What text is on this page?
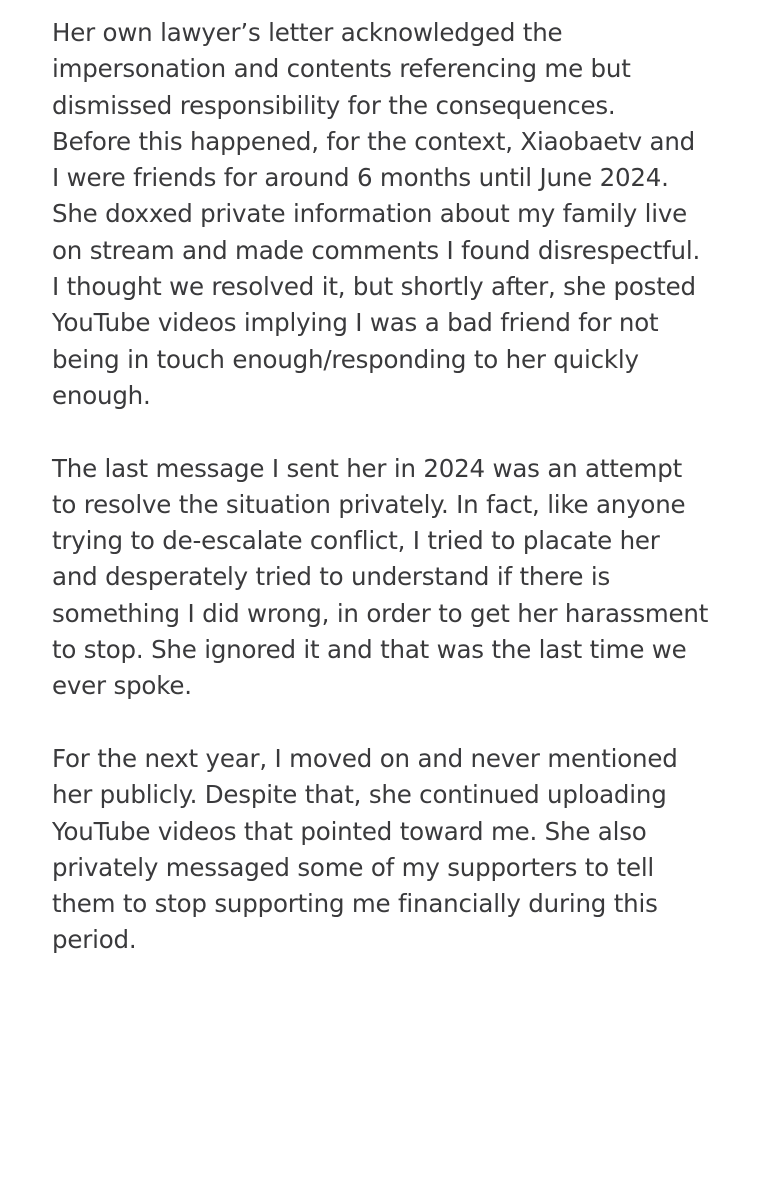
Her own lawyer’s letter acknowledged the
impersonation and contents referencing me but
dismissed responsibility for the consequences.
Before this happened, for the context, Xiaobaetv and
I were friends for around 6 months until June 2024.
She doxxed private information about my family live
on stream and made comments I found disrespectful.
I thought we resolved it, but shortly after, she posted
YouTube videos implying I was a bad friend for not
being in touch enough/responding to her quickly
enough.
The last message I sent her in 2024 was an attempt
to resolve the situation privately. In fact, like anyone
trying to de-escalate conflict, I tried to placate her
and desperately tried to understand if there is
something I did wrong, in order to get her harassment
to stop. She ignored it and that was the last time we
ever spoke.
For the next year, I moved on and never mentioned
her publicly. Despite that, she continued uploading
YouTube videos that pointed toward me. She also
privately messaged some of my supporters to tell
them to stop supporting me financially during this
period.
